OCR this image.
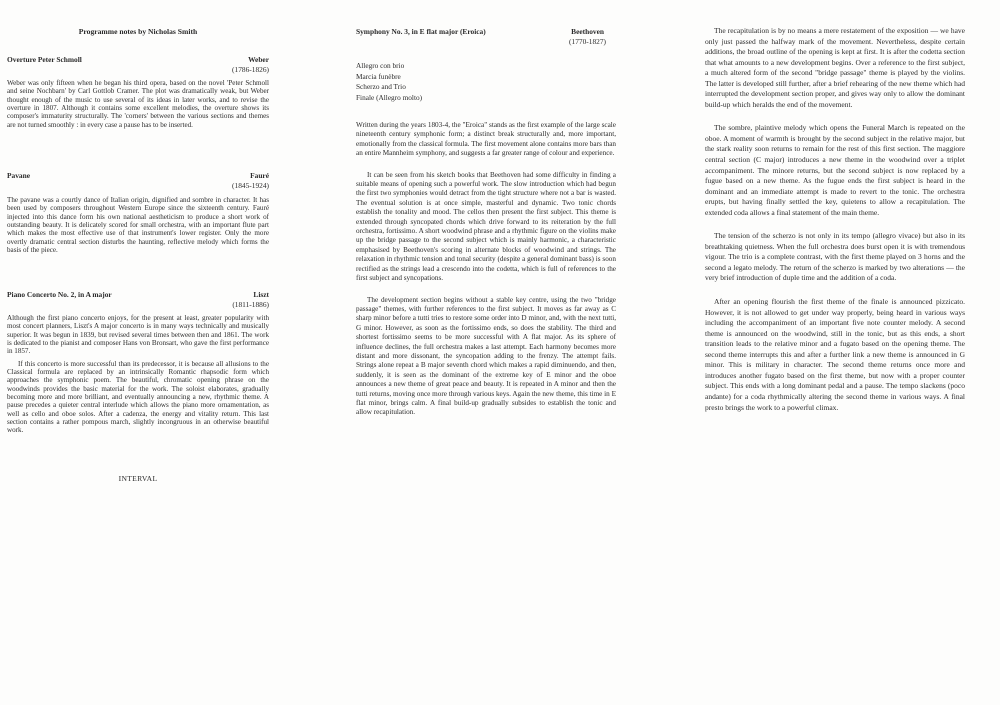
Programme notes by Nicholas Smith
Overture Peter Schmoll	Weber
(1786-1826)

Weber was only fifteen when he began his third opera, based on the novel 'Peter Schmoll and seine Nochbarn' by Carl Gottlob Cramer. The plot was dramatically weak, but Weber thought enough of the music to use several of its ideas in later works, and to revise the overture in 1807. Although it contains some excellent melodies, the overture shows its composer's immaturity structurally. The 'corners' between the various sections and themes are not turned smoothly : in every case a pause has to be inserted.

Pavane	Fauré
(1845-1924)

The pavane was a courtly dance of Italian origin, dignified and sombre in character. It has been used by composers throughout Western Europe since the sixteenth century. Fauré injected into this dance form his own national aestheticism to produce a short work of outstanding beauty. It is delicately scored for small orchestra, with an important flute part which makes the most effective use of that instrument's lower register. Only the more overtly dramatic central section disturbs the haunting, reflective melody which forms the basis of the piece.

Piano Concerto No. 2, in A major	Liszt
(1811-1886)

Although the first piano concerto enjoys, for the present at least, greater popularity with most concert planners, Liszt's A major concerto is in many ways technically and musically superior. It was begun in 1839, but revised several times between then and 1861. The work is dedicated to the pianist and composer Hans von Bronsart, who gave the first performance in 1857.

If this concerto is more successful than its predecessor, it is because all allusions to the Classical formula are replaced by an intrinsically Romantic rhapsodic form which approaches the symphonic poem. The beautiful, chromatic opening phrase on the woodwinds provides the basic material for the work. The soloist elaborates, gradually becoming more and more brilliant, and eventually announcing a new, rhythmic theme. A pause precedes a quieter central interlude which allows the piano more ornamentation, as well as cello and oboe solos. After a cadenza, the energy and vitality return. This last section contains a rather pompous march, slightly incongruous in an otherwise beautiful work.

INTERVAL
Symphony No. 3, in E flat major (Eroica)	Beethoven
(1770-1827)
Allegro con brio
Marcia funèbre
Scherzo and Trio
Finale (Allegro molto)

Written during the years 1803-4, the "Eroica" stands as the first example of the large scale nineteenth century symphonic form; a distinct break structurally and, more important, emotionally from the classical formula. The first movement alone contains more bars than an entire Mannheim symphony, and suggests a far greater range of colour and experience.

It can be seen from his sketch books that Beethoven had some difficulty in finding a suitable means of opening such a powerful work. The slow introduction which had begun the first two symphonies would detract from the tight structure where not a bar is wasted. The eventual solution is at once simple, masterful and dynamic. Two tonic chords establish the tonality and mood. The cellos then present the first subject. This theme is extended through syncopated chords which drive forward to its reiteration by the full orchestra, fortissimo. A short woodwind phrase and a rhythmic figure on the violins make up the bridge passage to the second subject which is mainly harmonic, a characteristic emphasised by Beethoven's scoring in alternate blocks of woodwind and strings. The relaxation in rhythmic tension and tonal security (despite a general dominant bass) is soon rectified as the strings lead a crescendo into the codetta, which is full of references to the first subject and syncopations.

The development section begins without a stable key centre, using the two "bridge passage" themes, with further references to the first subject. It moves as far away as C sharp minor before a tutti tries to restore some order into D minor, and, with the next tutti, G minor. However, as soon as the fortissimo ends, so does the stability. The third and shortest fortissimo seems to be more successful with A flat major. As its sphere of influence declines, the full orchestra makes a last attempt. Each harmony becomes more distant and more dissonant, the syncopation adding to the frenzy. The attempt fails. Strings alone repeat a B major seventh chord which makes a rapid diminuendo, and then, suddenly, it is seen as the dominant of the extreme key of E minor and the oboe announces a new theme of great peace and beauty. It is repeated in A minor and then the tutti returns, moving once more through various keys. Again the new theme, this time in E flat minor, brings calm. A final build-up gradually subsides to establish the tonic and allow recapitulation.

The recapitulation is by no means a mere restatement of the exposition — we have only just passed the halfway mark of the movement. Nevertheless, despite certain additions, the broad outline of the opening is kept at first. It is after the codetta section that what amounts to a new development begins. Over a reference to the first subject, a much altered form of the second "bridge passage" theme is played by the violins. The latter is developed still further, after a brief rehearing of the new theme which had interrupted the development section proper, and gives way only to allow the dominant build-up which heralds the end of the movement.

The sombre, plaintive melody which opens the Funeral March is repeated on the oboe. A moment of warmth is brought by the second subject in the relative major, but the stark reality soon returns to remain for the rest of this first section. The maggiore central section (C major) introduces a new theme in the woodwind over a triplet accompaniment. The minore returns, but the second subject is now replaced by a fugue based on a new theme. As the fugue ends the first subject is heard in the dominant and an immediate attempt is made to revert to the tonic. The orchestra erupts, but having finally settled the key, quietens to allow a recapitulation. The extended coda allows a final statement of the main theme.

The tension of the scherzo is not only in its tempo (allegro vivace) but also in its breathtaking quietness. When the full orchestra does burst open it is with tremendous vigour. The trio is a complete contrast, with the first theme played on 3 horns and the second a legato melody. The return of the scherzo is marked by two alterations — the very brief introduction of duple time and the addition of a coda.

After an opening flourish the first theme of the finale is announced pizzicato. However, it is not allowed to get under way properly, being heard in various ways including the accompaniment of an important five note counter melody. A second theme is announced on the woodwind, still in the tonic, but as this ends, a short transition leads to the relative minor and a fugato based on the opening theme. The second theme interrupts this and after a further link a new theme is announced in G minor. This is military in character. The second theme returns once more and introduces another fugato based on the first theme, but now with a proper counter subject. This ends with a long dominant pedal and a pause. The tempo slackens (poco andante) for a coda rhythmically altering the second theme in various ways. A final presto brings the work to a powerful climax.
